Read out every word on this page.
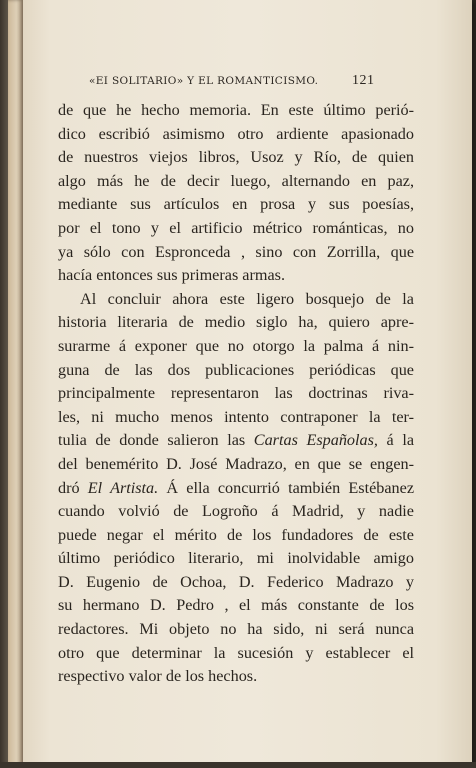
«EI SOLITARIO» Y EL ROMANTICISMO. 121
de que he hecho memoria. En este último perió-
dico escribió asimismo otro ardiente apasionado
de nuestros viejos libros, Usoz y Río, de quien
algo más he de decir luego, alternando en paz,
mediante sus artículos en prosa y sus poesías,
por el tono y el artificio métrico románticas, no
ya sólo con Espronceda , sino con Zorrilla, que
hacía entonces sus primeras armas.
Al concluir ahora este ligero bosquejo de la
historia literaria de medio siglo ha, quiero apre-
surarme á exponer que no otorgo la palma á nin-
guna de las dos publicaciones periódicas que
principalmente representaron las doctrinas riva-
les, ni mucho menos intento contraponer la ter-
tulia de donde salieron las Cartas Españolas, á la
del benemérito D. José Madrazo, en que se engen-
dró El Artista. Á ella concurrió también Estébanez
cuando volvió de Logroño á Madrid, y nadie
puede negar el mérito de los fundadores de este
último periódico literario, mi inolvidable amigo
D. Eugenio de Ochoa, D. Federico Madrazo y
su hermano D. Pedro , el más constante de los
redactores. Mi objeto no ha sido, ni será nunca
otro que determinar la sucesión y establecer el
respectivo valor de los hechos.
